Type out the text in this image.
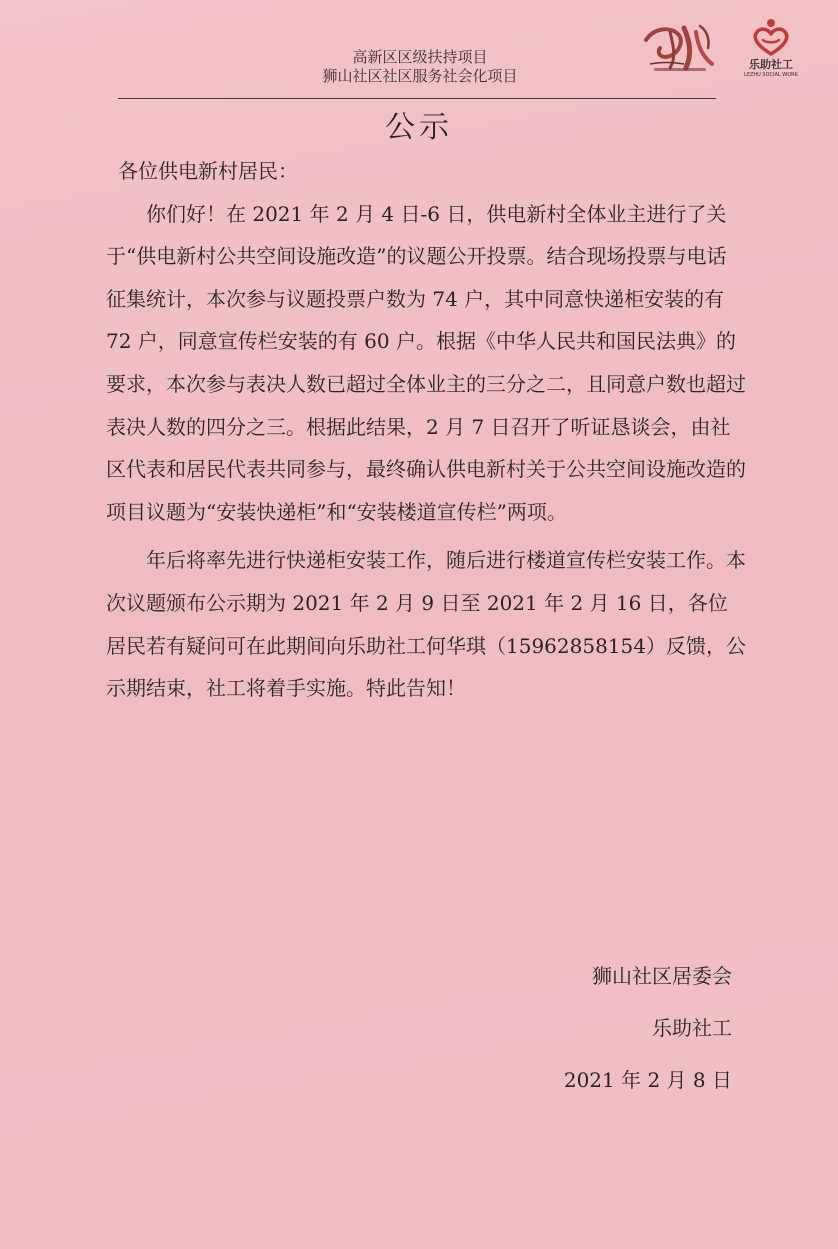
高新区区级扶持项目
狮山社区社区服务社会化项目
乐助社工
LEZHU SOCIAL WORK
公示

各位供电新村居民：

你们好！在 2021 年 2 月 4 日-6 日，供电新村全体业主进行了关于“供电新村公共空间设施改造”的议题公开投票。结合现场投票与电话征集统计，本次参与议题投票户数为 74 户，其中同意快递柜安装的有 72 户，同意宣传栏安装的有 60 户。根据《中华人民共和国民法典》的要求，本次参与表决人数已超过全体业主的三分之二，且同意户数也超过表决人数的四分之三。根据此结果，2 月 7 日召开了听证恳谈会，由社区代表和居民代表共同参与，最终确认供电新村关于公共空间设施改造的项目议题为“安装快递柜”和“安装楼道宣传栏”两项。

年后将率先进行快递柜安装工作，随后进行楼道宣传栏安装工作。本次议题颁布公示期为 2021 年 2 月 9 日至 2021 年 2 月 16 日，各位居民若有疑问可在此期间向乐助社工何华琪（15962858154）反馈，公示期结束，社工将着手实施。特此告知！

狮山社区居委会
乐助社工
2021 年 2 月 8 日
